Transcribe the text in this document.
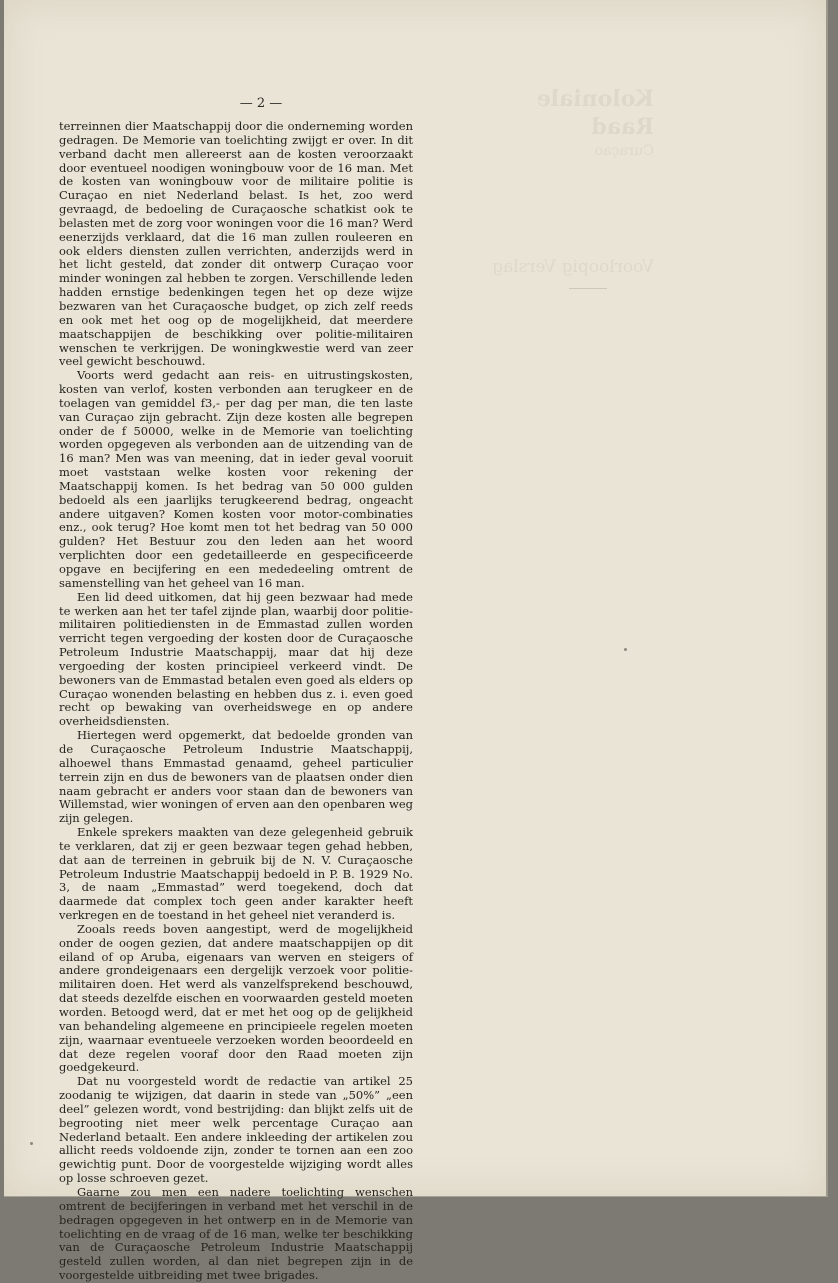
Koloniale Raad
Curaçao
Voorloopig Verslag
— 2 —

terreinnen dier Maatschappij door die onderneming worden gedragen. De Memorie van toelichting zwijgt er over. In dit verband dacht men allereerst aan de kosten veroorzaakt door eventueel noodigen woningbouw voor de 16 man. Met de kosten van woningbouw voor de militaire politie is Curaçao en niet Nederland belast. Is het, zoo werd gevraagd, de bedoeling de Curaçaosche schatkist ook te belasten met de zorg voor woningen voor die 16 man? Werd eenerzijds verklaard, dat die 16 man zullen rouleeren en ook elders diensten zullen verrichten, anderzijds werd in het licht gesteld, dat zonder dit ontwerp Curaçao voor minder woningen zal hebben te zorgen. Verschillende leden hadden ernstige bedenkingen tegen het op deze wijze bezwaren van het Curaçaosche budget, op zich zelf reeds en ook met het oog op de mogelijkheid, dat meerdere maatschappijen de beschikking over politie-militairen wenschen te verkrijgen. De woningkwestie werd van zeer veel gewicht beschouwd.

Voorts werd gedacht aan reis- en uitrustingskosten, kosten van verlof, kosten verbonden aan terugkeer en de toelagen van gemiddel f3,- per dag per man, die ten laste van Curaçao zijn gebracht. Zijn deze kosten alle begrepen onder de f 50000, welke in de Memorie van toelichting worden opgegeven als verbonden aan de uitzending van de 16 man? Men was van meening, dat in ieder geval vooruit moet vaststaan welke kosten voor rekening der Maatschappij komen. Is het bedrag van 50 000 gulden bedoeld als een jaarlijks terugkeerend bedrag, ongeacht andere uitgaven? Komen kosten voor motor-combinaties enz., ook terug? Hoe komt men tot het bedrag van 50 000 gulden? Het Bestuur zou den leden aan het woord verplichten door een gedetailleerde en gespecificeerde opgave en becijfering en een mededeeling omtrent de samenstelling van het geheel van 16 man.

Een lid deed uitkomen, dat hij geen bezwaar had mede te werken aan het ter tafel zijnde plan, waarbij door politie-militairen politiediensten in de Emmastad zullen worden verricht tegen vergoeding der kosten door de Curaçaosche Petroleum Industrie Maatschappij, maar dat hij deze vergoeding der kosten principieel verkeerd vindt. De bewoners van de Emmastad betalen even goed als elders op Curaçao wonenden belasting en hebben dus z. i. even goed recht op bewaking van overheidswege en op andere overheidsdiensten.

Hiertegen werd opgemerkt, dat bedoelde gronden van de Curaçaosche Petroleum Industrie Maatschappij, alhoewel thans Emmastad genaamd, geheel particulier terrein zijn en dus de bewoners van de plaatsen onder dien naam gebracht er anders voor staan dan de bewoners van Willemstad, wier woningen of erven aan den openbaren weg zijn gelegen.

Enkele sprekers maakten van deze gelegenheid gebruik te verklaren, dat zij er geen bezwaar tegen gehad hebben, dat aan de terreinen in gebruik bij de N. V. Curaçaosche Petroleum Industrie Maatschappij bedoeld in P. B. 1929 No. 3, de naam „Emmastad” werd toegekend, doch dat daarmede dat complex toch geen ander karakter heeft verkregen en de toestand in het geheel niet veranderd is.

Zooals reeds boven aangestipt, werd de mogelijkheid onder de oogen gezien, dat andere maatschappijen op dit eiland of op Aruba, eigenaars van werven en steigers of andere grondeigenaars een dergelijk verzoek voor politie-militairen doen. Het werd als vanzelfsprekend beschouwd, dat steeds dezelfde eischen en voorwaarden gesteld moeten worden. Betoogd werd, dat er met het oog op de gelijkheid van behandeling algemeene en principieele regelen moeten zijn, waarnaar eventueele verzoeken worden beoordeeld en dat deze regelen vooraf door den Raad moeten zijn goedgekeurd.

Dat nu voorgesteld wordt de redactie van artikel 25 zoodanig te wijzigen, dat daarin in stede van „50%” „een deel” gelezen wordt, vond bestrijding: dan blijkt zelfs uit de begrooting niet meer welk percentage Curaçao aan Nederland betaalt. Een andere inkleeding der artikelen zou allicht reeds voldoende zijn, zonder te tornen aan een zoo gewichtig punt. Door de voorgestelde wijziging wordt alles op losse schroeven gezet.

Gaarne zou men een nadere toelichting wenschen omtrent de becijferingen in verband met het verschil in de bedragen opgegeven in het ontwerp en in de Memorie van toelichting en de vraag of de 16 man, welke ter beschikking van de Curaçaosche Petroleum Industrie Maatschappij gesteld zullen worden, al dan niet begrepen zijn in de voorgestelde uitbreiding met twee brigades.
